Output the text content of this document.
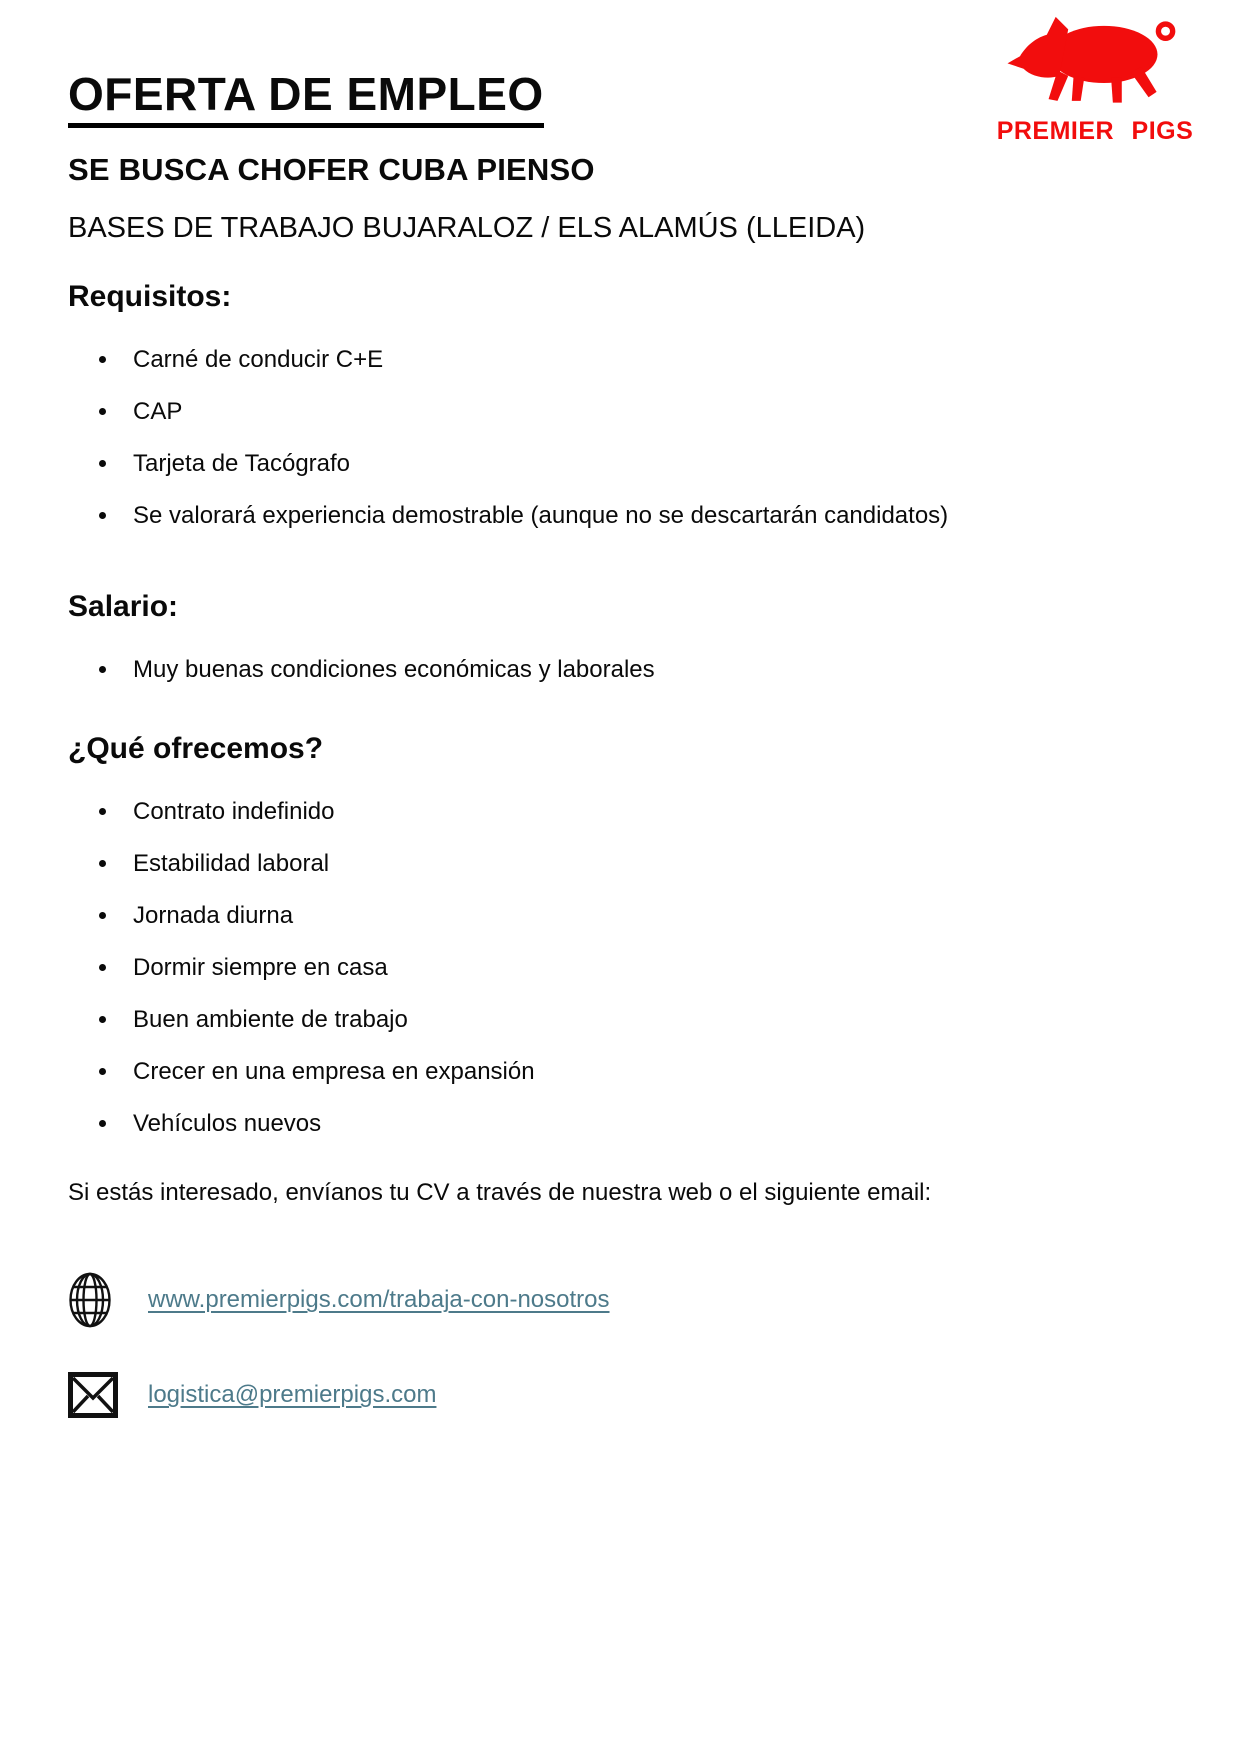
PREMIER PIGS
OFERTA DE EMPLEO
SE BUSCA CHOFER CUBA PIENSO
BASES DE TRABAJO BUJARALOZ / ELS ALAMÚS (LLEIDA)
Requisitos:
Carné de conducir C+E
CAP
Tarjeta de Tacógrafo
Se valorará experiencia demostrable (aunque no se descartarán candidatos)
Salario:
Muy buenas condiciones económicas y laborales
¿Qué ofrecemos?
Contrato indefinido
Estabilidad laboral
Jornada diurna
Dormir siempre en casa
Buen ambiente de trabajo
Crecer en una empresa en expansión
Vehículos nuevos

Si estás interesado, envíanos tu CV a través de nuestra web o el siguiente email:

www.premierpigs.com/trabaja-con-nosotros
logistica@premierpigs.com
